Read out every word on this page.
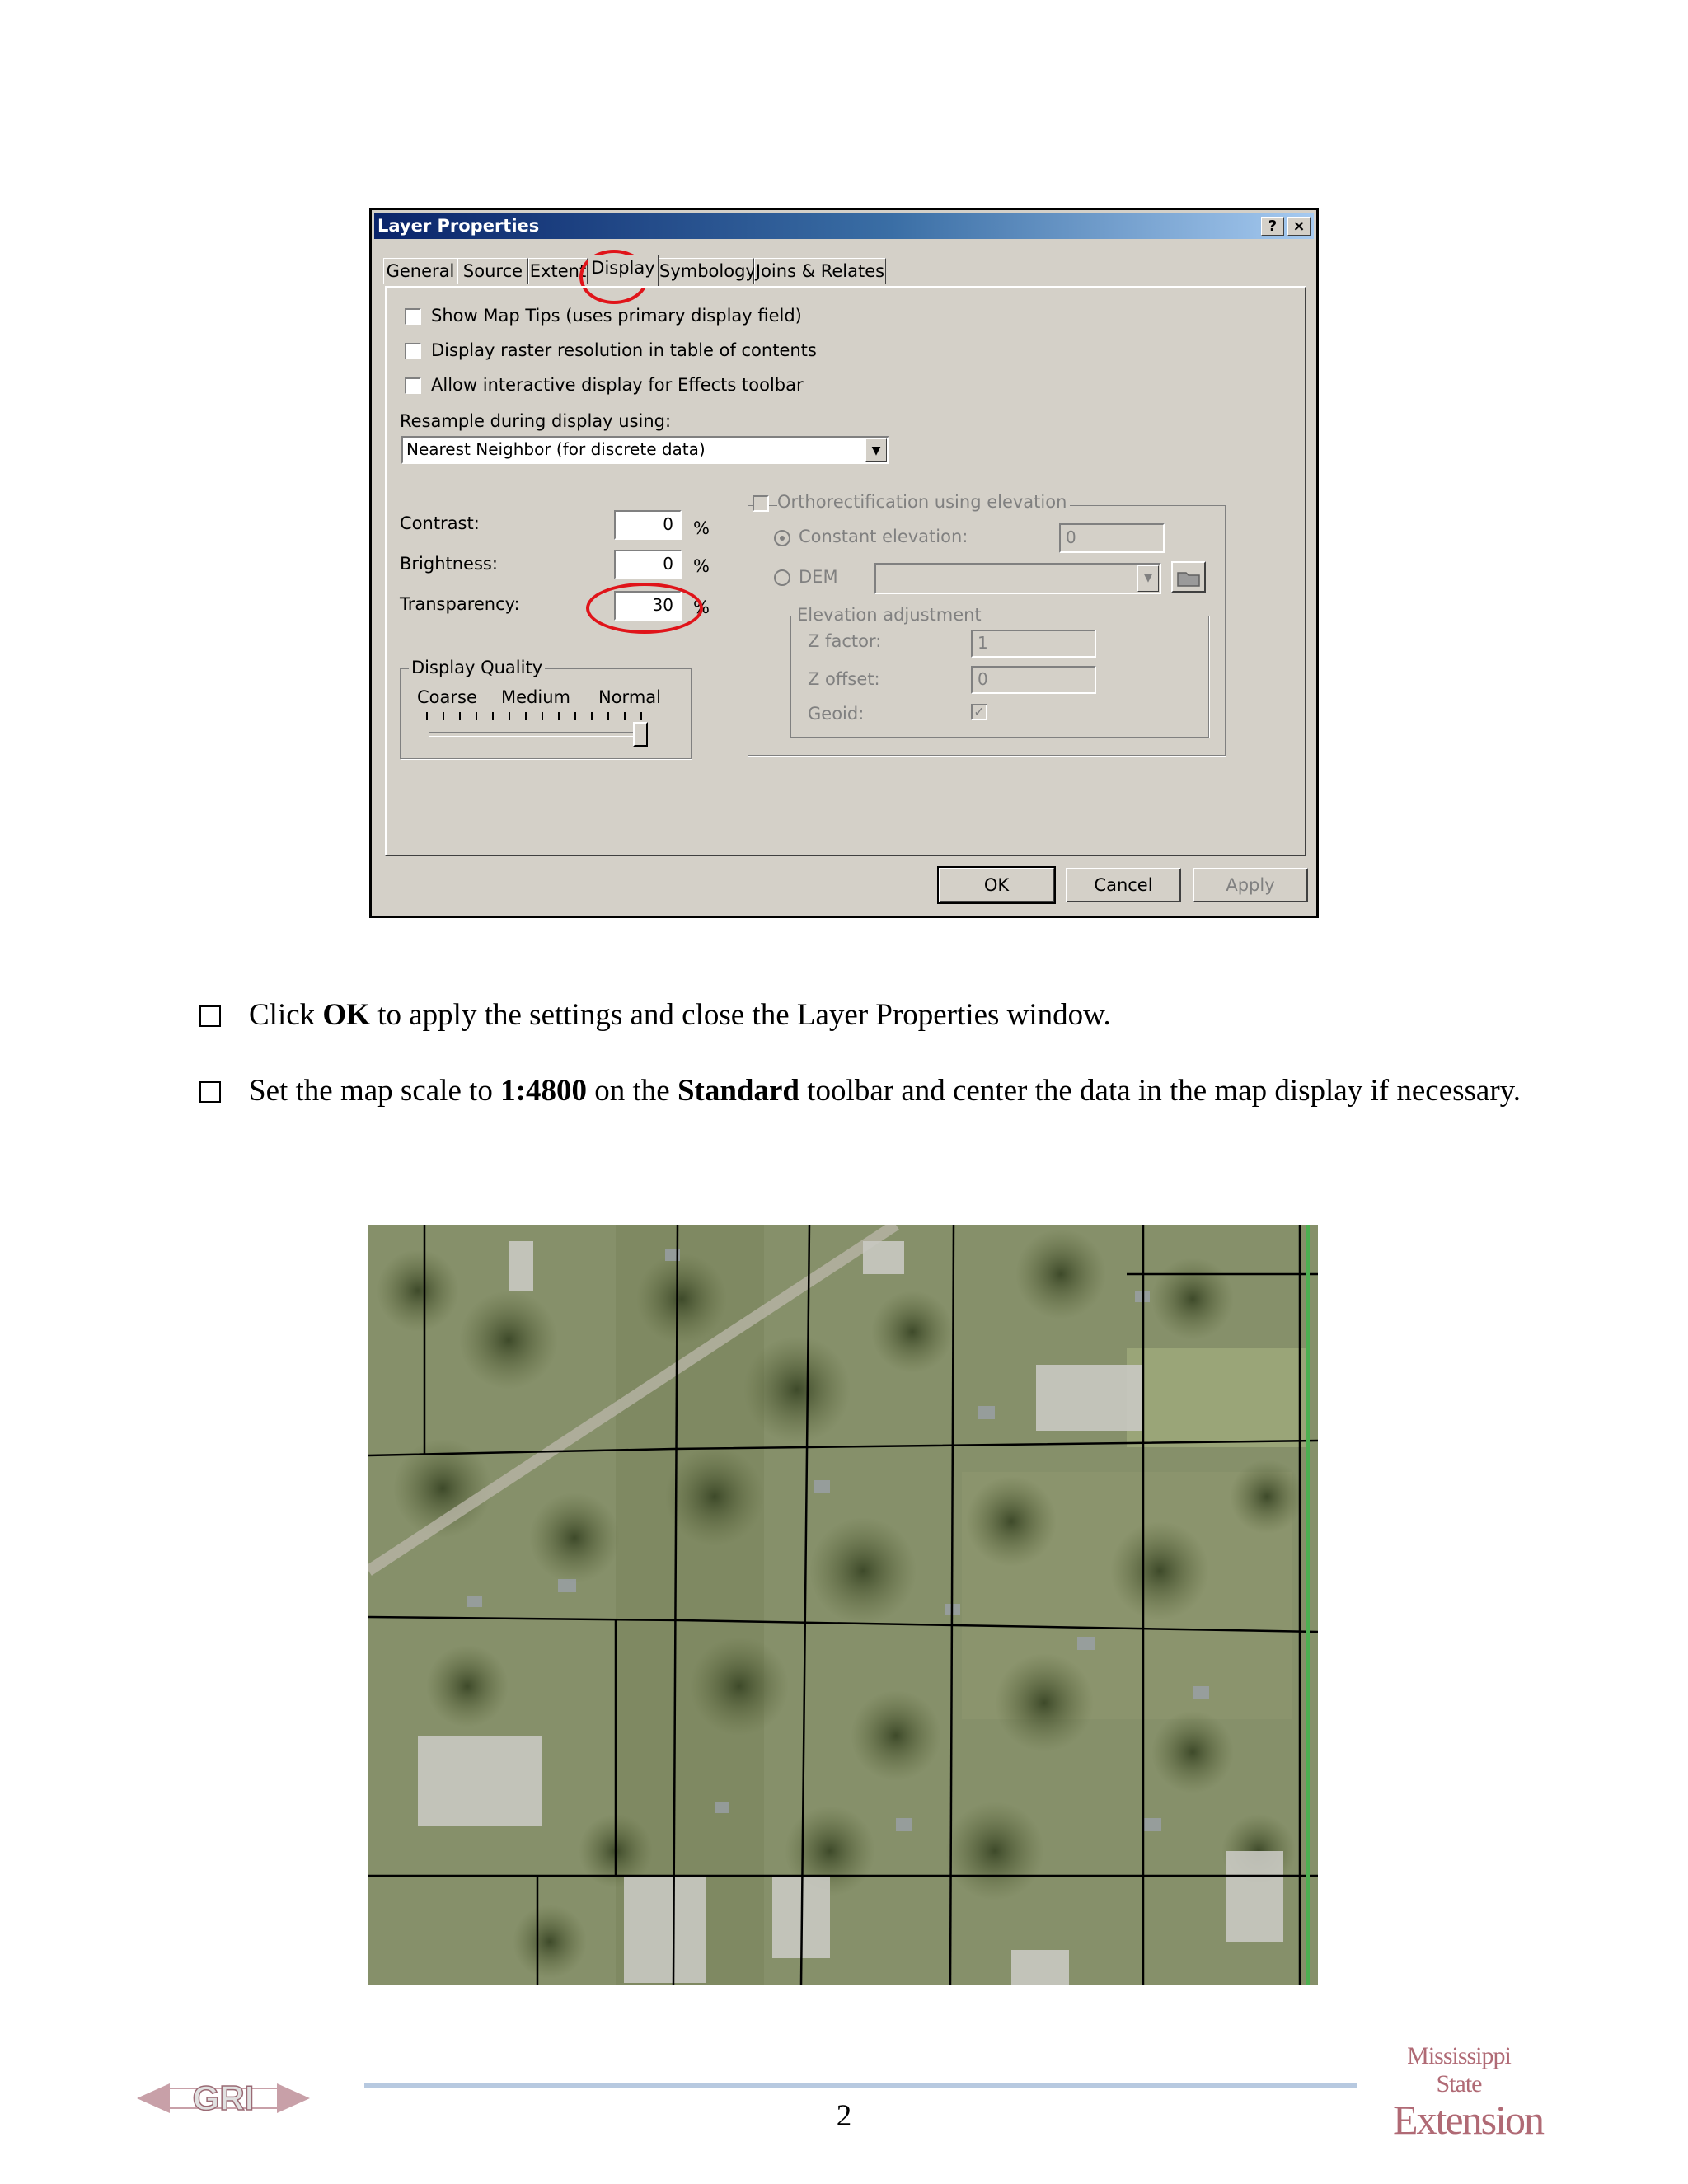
Layer Properties	?	×
General Source Extent Display Symbology Joins & Relates
Show Map Tips (uses primary display field)
Display raster resolution in table of contents
Allow interactive display for Effects toolbar
Resample during display using:
Nearest Neighbor (for discrete data)	▼
Contrast:	0	%
Brightness:	0	%
Transparency:	30	%
Display Quality
Coarse Medium Normal
Orthorectification using elevation
Constant elevation:	0
DEM	▼
Elevation adjustment
Z factor:	1
Z offset:	0
Geoid:	✓
OK	Cancel	Apply
Click OK to apply the settings and close the Layer Properties window.
Set the map scale to 1:4800 on the Standard toolbar and center the data in the map display if necessary.
GRI	2
Mississippi State
Extension
